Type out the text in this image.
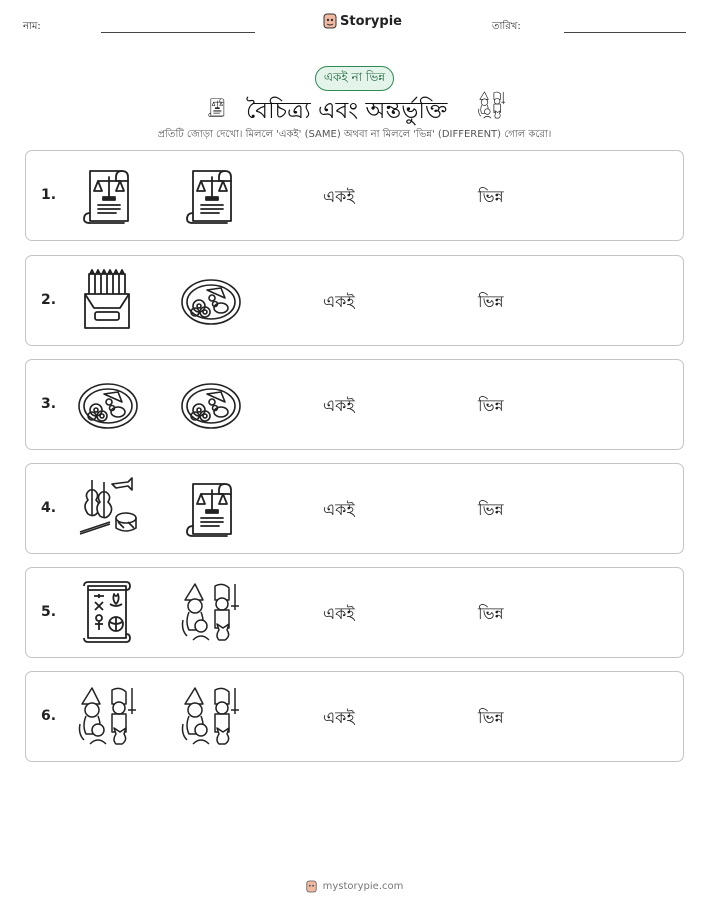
নাম:	Storypie	তারিখ:
একই না ভিন্ন
বৈচিত্র্য এবং অন্তর্ভুক্তি
প্রতিটি জোড়া দেখো। মিললে 'একই' (SAME) অথবা না মিললে 'ভিন্ন' (DIFFERENT) গোল করো।
1.	একই	ভিন্ন
2.	একই	ভিন্ন
3.	একই	ভিন্ন
4.	একই	ভিন্ন
5.	একই	ভিন্ন
6.	একই	ভিন্ন
mystorypie.com
